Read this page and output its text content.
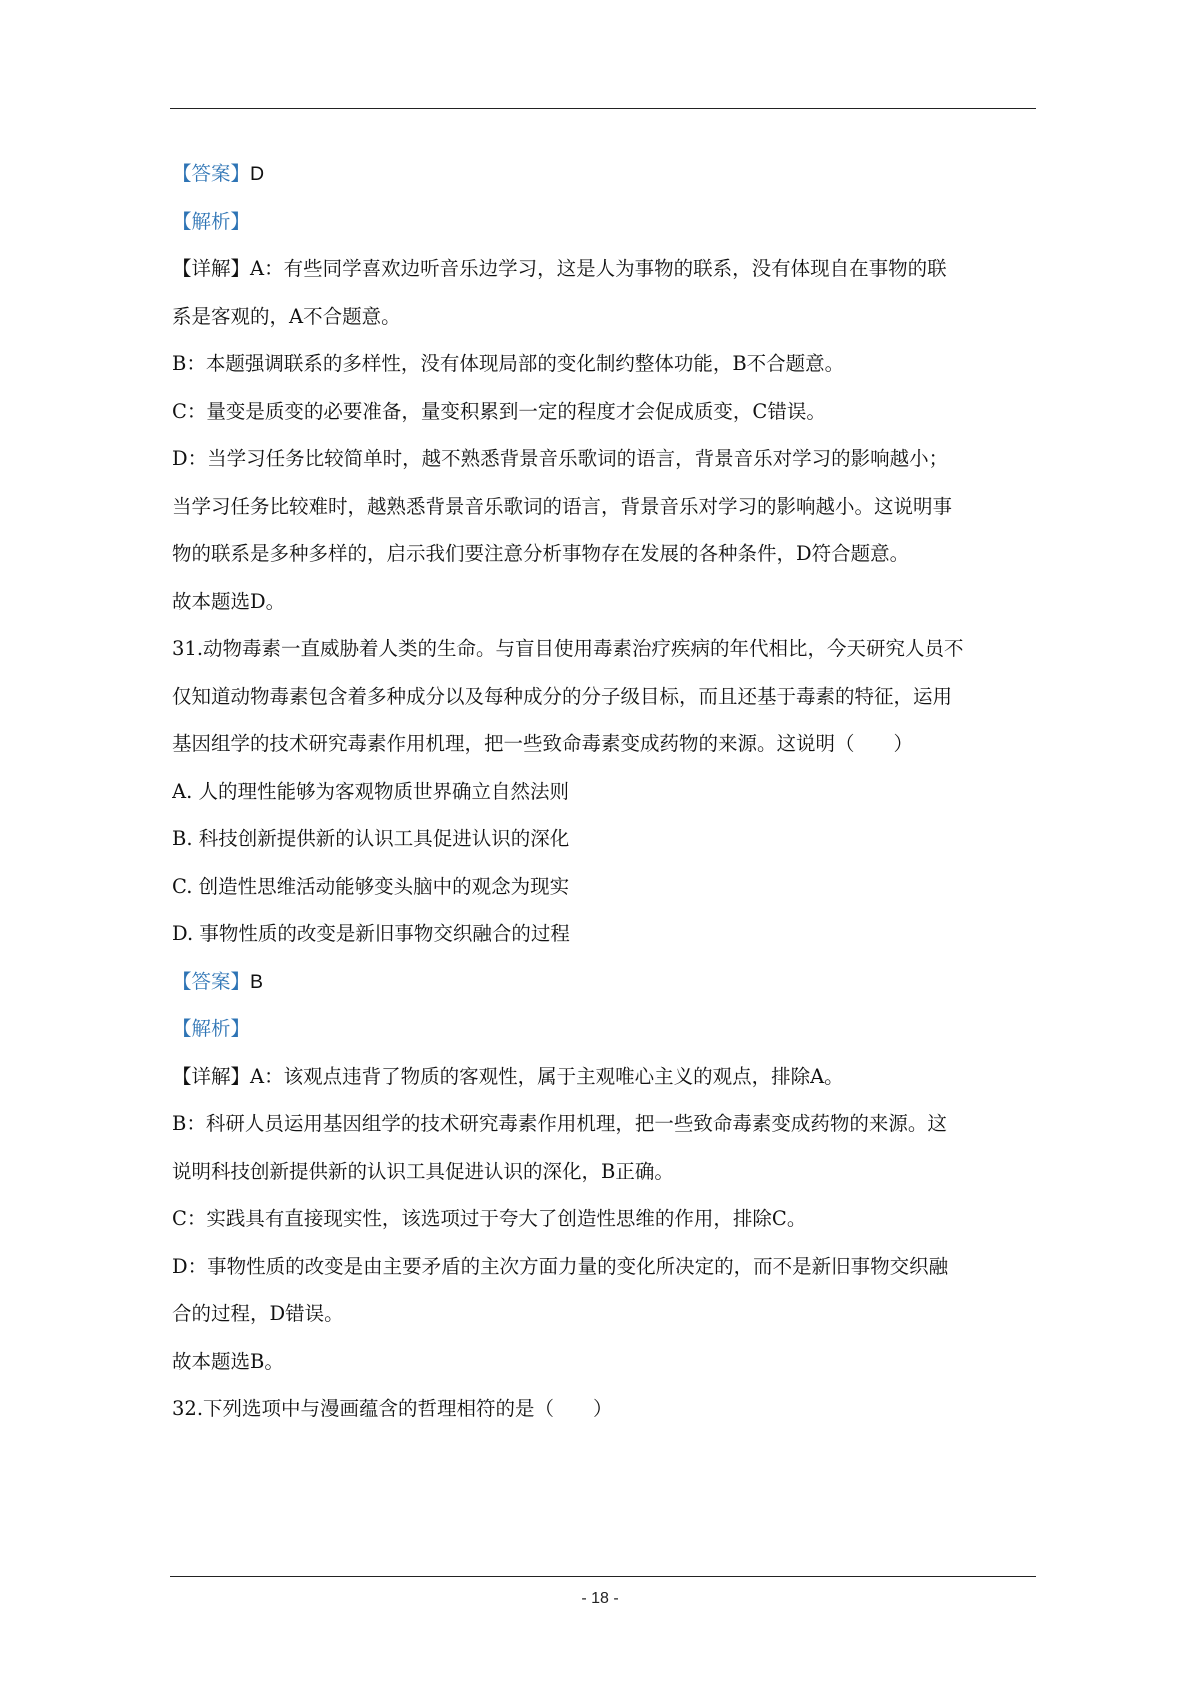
【答案】D
【解析】
【详解】A：有些同学喜欢边听音乐边学习，这是人为事物的联系，没有体现自在事物的联
系是客观的，A不合题意。
B：本题强调联系的多样性，没有体现局部的变化制约整体功能，B不合题意。
C：量变是质变的必要准备，量变积累到一定的程度才会促成质变，C错误。
D：当学习任务比较简单时，越不熟悉背景音乐歌词的语言，背景音乐对学习的影响越小；
当学习任务比较难时，越熟悉背景音乐歌词的语言，背景音乐对学习的影响越小。这说明事
物的联系是多种多样的，启示我们要注意分析事物存在发展的各种条件，D符合题意。
故本题选D。
31.动物毒素一直威胁着人类的生命。与盲目使用毒素治疗疾病的年代相比，今天研究人员不
仅知道动物毒素包含着多种成分以及每种成分的分子级目标，而且还基于毒素的特征，运用
基因组学的技术研究毒素作用机理，把一些致命毒素变成药物的来源。这说明（　　）
A. 人的理性能够为客观物质世界确立自然法则
B. 科技创新提供新的认识工具促进认识的深化
C. 创造性思维活动能够变头脑中的观念为现实
D. 事物性质的改变是新旧事物交织融合的过程
【答案】B
【解析】
【详解】A：该观点违背了物质的客观性，属于主观唯心主义的观点，排除A。
B：科研人员运用基因组学的技术研究毒素作用机理，把一些致命毒素变成药物的来源。这
说明科技创新提供新的认识工具促进认识的深化，B正确。
C：实践具有直接现实性，该选项过于夸大了创造性思维的作用，排除C。
D：事物性质的改变是由主要矛盾的主次方面力量的变化所决定的，而不是新旧事物交织融
合的过程，D错误。
故本题选B。
32.下列选项中与漫画蕴含的哲理相符的是（　　）
- 18 -
